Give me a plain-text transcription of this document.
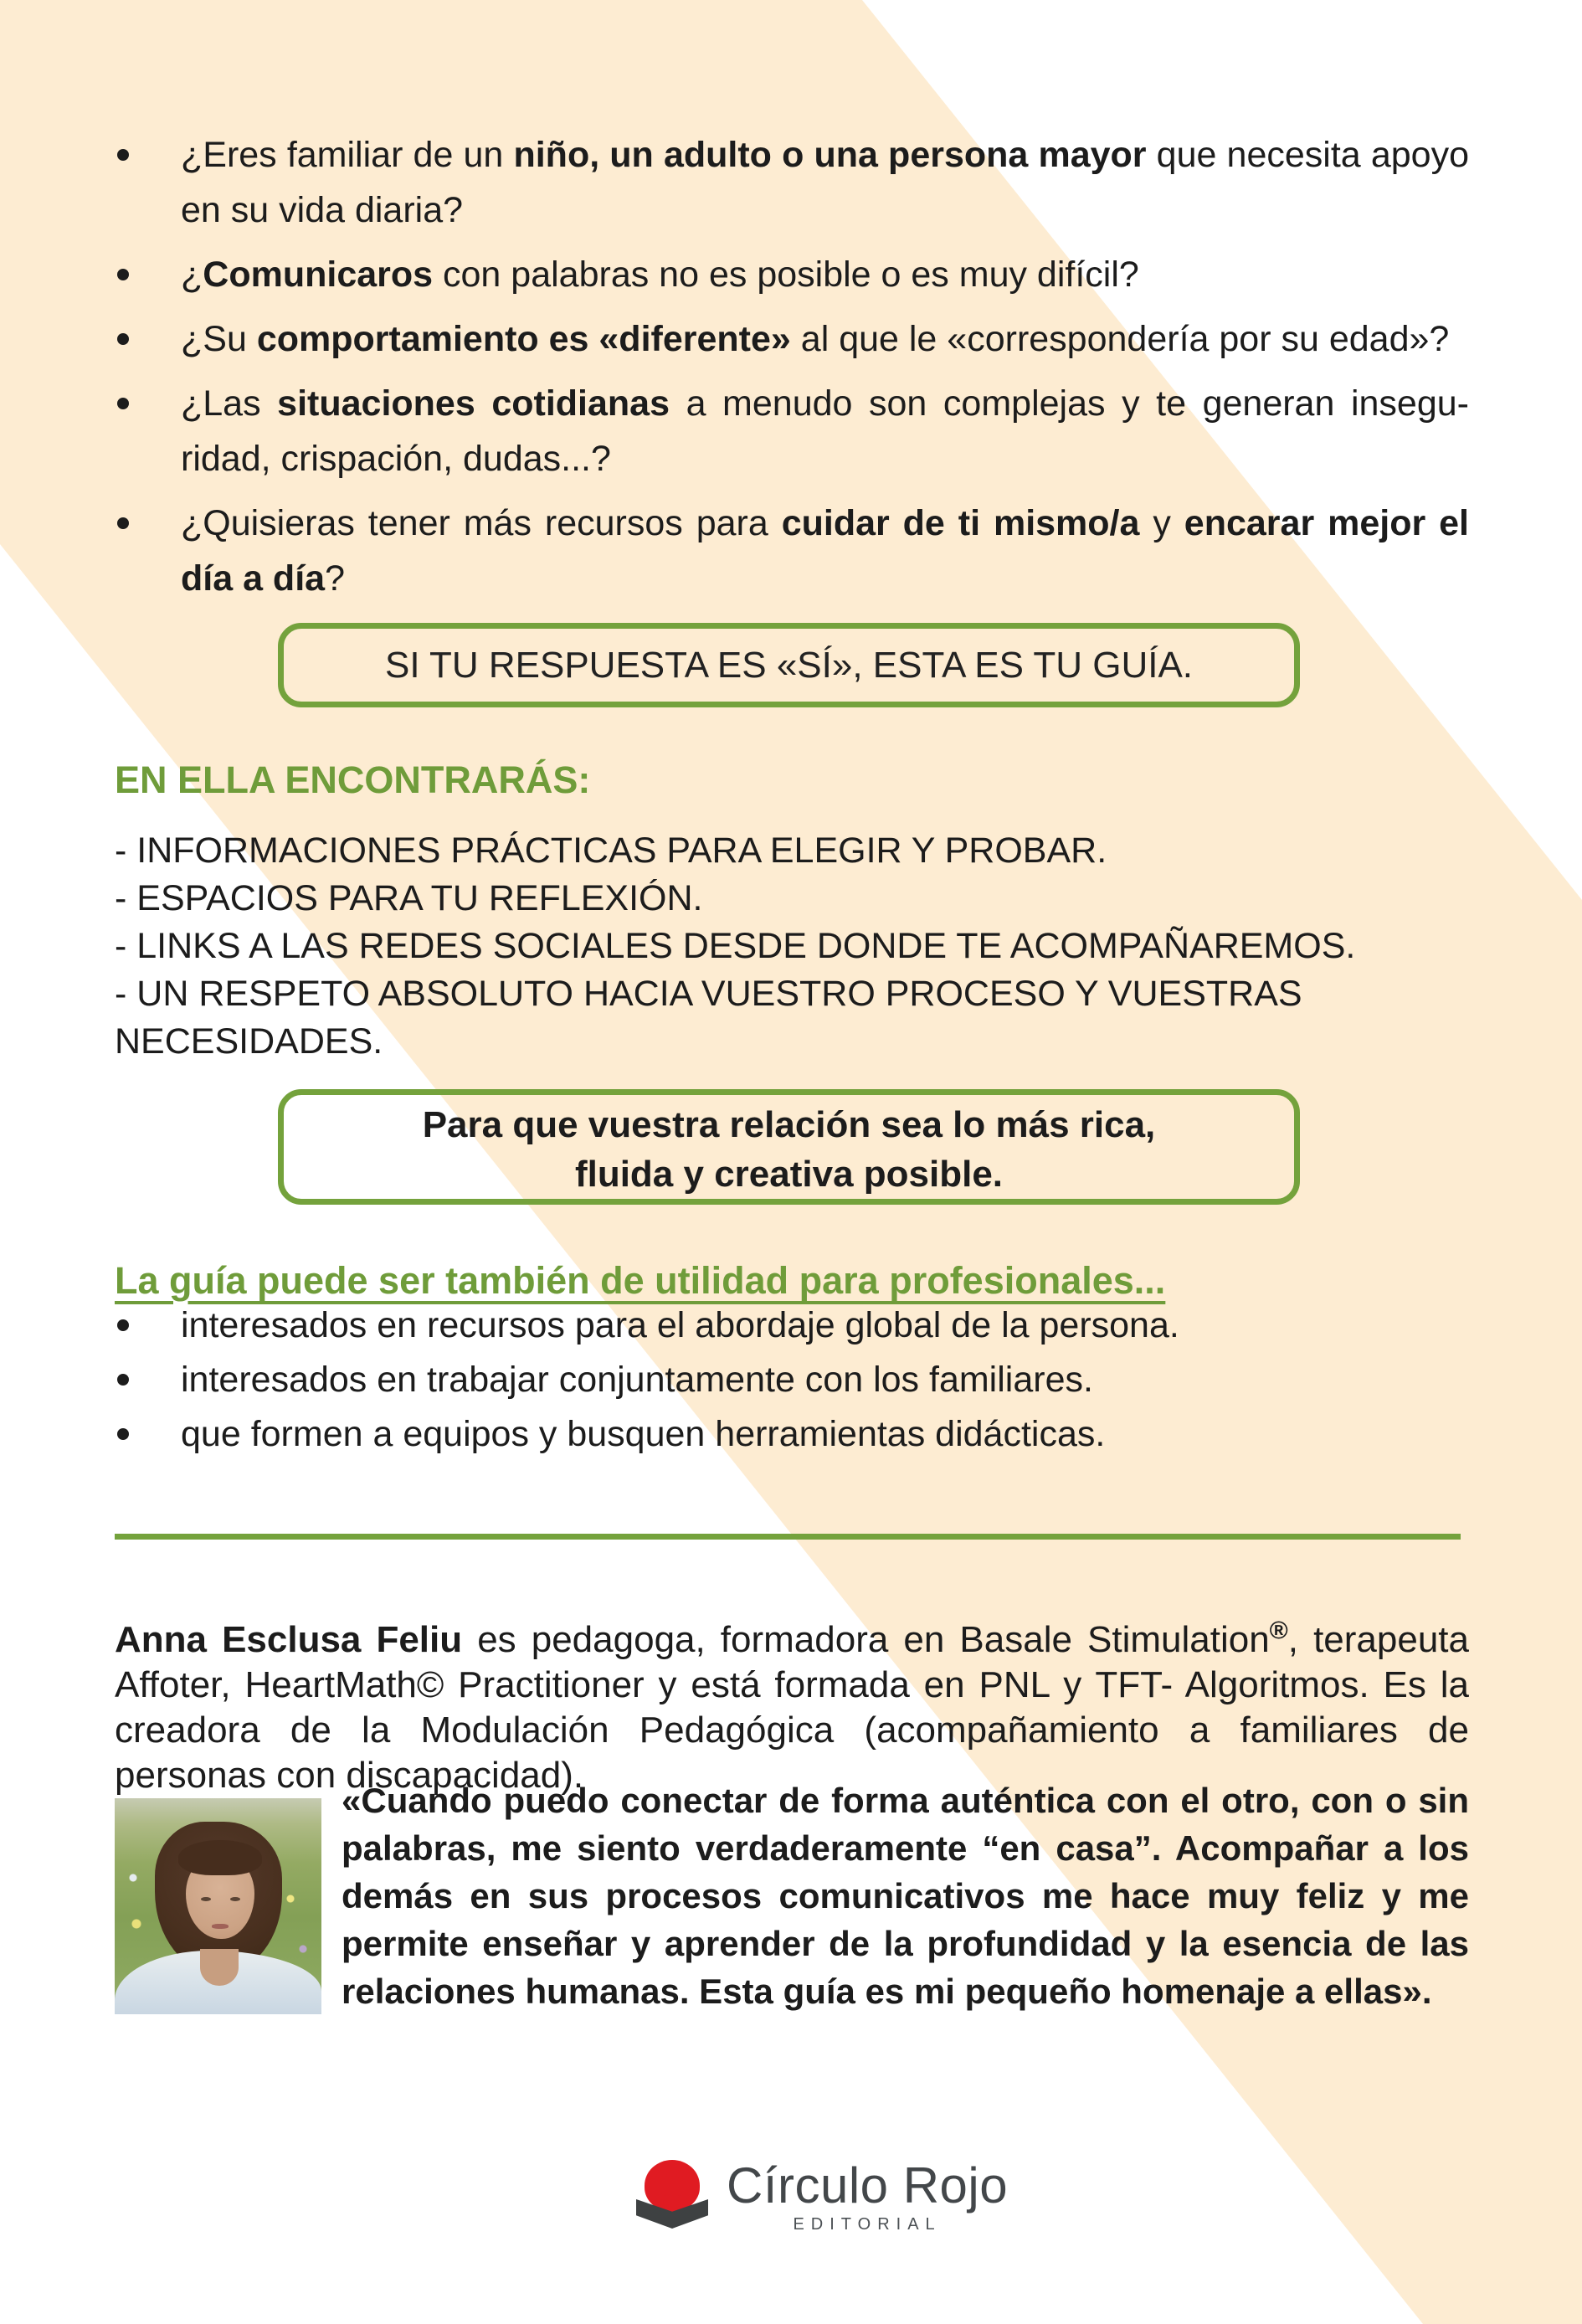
¿Eres familiar de un niño, un adulto o una persona mayor que necesita apoyo en su vida diaria?
¿Comunicaros con palabras no es posible o es muy difícil?
¿Su comportamiento es «diferente» al que le «correspondería por su edad»?
¿Las situaciones cotidianas a menudo son complejas y te generan inseguridad, crispación, dudas...?
¿Quisieras tener más recursos para cuidar de ti mismo/a y encarar mejor el día a día?
SI TU RESPUESTA ES «SÍ», ESTA ES TU GUÍA.
EN ELLA ENCONTRARÁS:
- INFORMACIONES PRÁCTICAS PARA ELEGIR Y PROBAR.
- ESPACIOS PARA TU REFLEXIÓN.
- LINKS A LAS REDES SOCIALES DESDE DONDE TE ACOMPAÑAREMOS.
- UN RESPETO ABSOLUTO HACIA VUESTRO PROCESO Y VUESTRAS NECESIDADES.
Para que vuestra relación sea lo más rica,
fluida y creativa posible.
La guía puede ser también de utilidad para profesionales...
interesados en recursos para el abordaje global de la persona.
interesados en trabajar conjuntamente con los familiares.
que formen a equipos y busquen herramientas didácticas.

Anna Esclusa Feliu es pedagoga, formadora en Basale Stimulation®, terapeuta Affoter, HeartMath© Practitioner y está formada en PNL y TFT- Algoritmos. Es la creadora de la Modulación Pedagógica (acompañamiento a familiares de personas con discapacidad).

«Cuando puedo conectar de forma auténtica con el otro, con o sin palabras, me siento verdaderamente “en casa”. Acompañar a los demás en sus procesos comunicativos me hace muy feliz y me permite enseñar y aprender de la profundidad y la esencia de las relaciones humanas. Esta guía es mi pequeño homenaje a ellas».

Círculo Rojo
EDITORIAL
